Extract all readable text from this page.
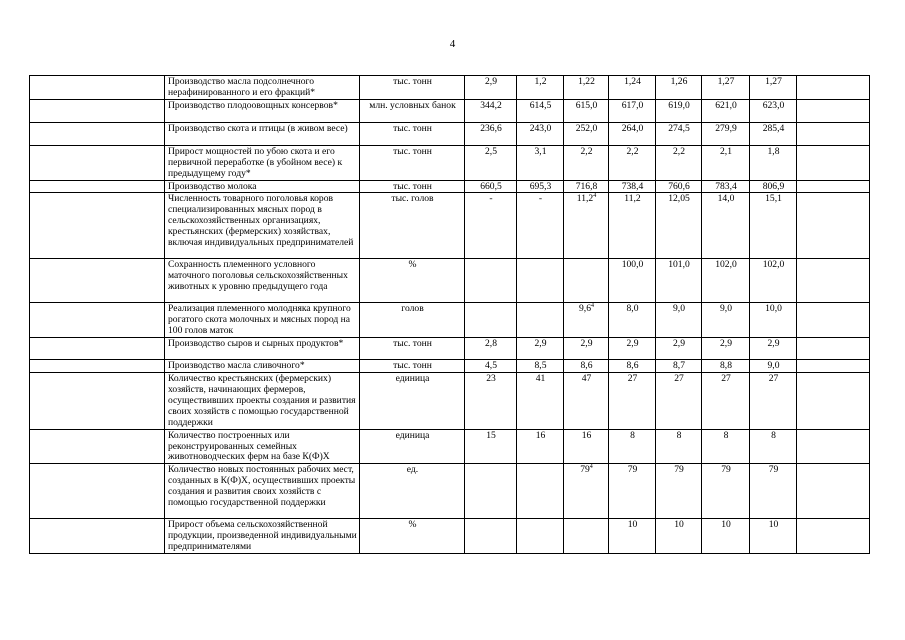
4
	Производство масла подсолнечного нерафинированного и его фракций*	тыс. тонн	2,9	1,2	1,22	1,24	1,26	1,27	1,27	
	Производство плодоовощных консервов*	млн. условных банок	344,2	614,5	615,0	617,0	619,0	621,0	623,0	
	Производство скота и птицы (в живом весе)	тыс. тонн	236,6	243,0	252,0	264,0	274,5	279,9	285,4	
	Прирост мощностей по убою скота и его первичной переработке (в убойном весе) к предыдущему году*	тыс. тонн	2,5	3,1	2,2	2,2	2,2	2,1	1,8	
	Производство молока	тыс. тонн	660,5	695,3	716,8	738,4	760,6	783,4	806,9	
	Численность товарного поголовья коров специализированных мясных пород в сельскохозяйственных организациях, крестьянских (фермерских) хозяйствах, включая индивидуальных предпринимателей	тыс. голов	-	-	11,2$^4$	11,2	12,05	14,0	15,1	
	Сохранность племенного условного маточного поголовья сельскохозяйственных животных к уровню предыдущего года	%				100,0	101,0	102,0	102,0	
	Реализация племенного молодняка крупного рогатого скота молочных и мясных пород на 100 голов маток	голов			$9,6^4$	8,0	9,0	9,0	10,0	
	Производство сыров и сырных продуктов*	тыс. тонн	2,8	2,9	2,9	2,9	2,9	2,9	2,9	
	Производство масла сливочного*	тыс. тонн	4,5	8,5	8,6	8,6	8,7	8,8	9,0	
	Количество крестьянских (фермерских) хозяйств, начинающих фермеров, осуществивших проекты создания и развития своих хозяйств с помощью государственной поддержки	единица	23	41	47	27	27	27	27	
	Количество построенных или реконструированных семейных животноводческих ферм на базе К(Ф)Х	единица	15	16	16	8	8	8	8	
	Количество новых постоянных рабочих мест, созданных в К(Ф)Х, осуществивших проекты создания и развития своих хозяйств с помощью государственной поддержки	ед.			$79^4$	79	79	79	79	
	Прирост объема сельскохозяйственной продукции, произведенной индивидуальными предпринимателями	%				10	10	10	10	
